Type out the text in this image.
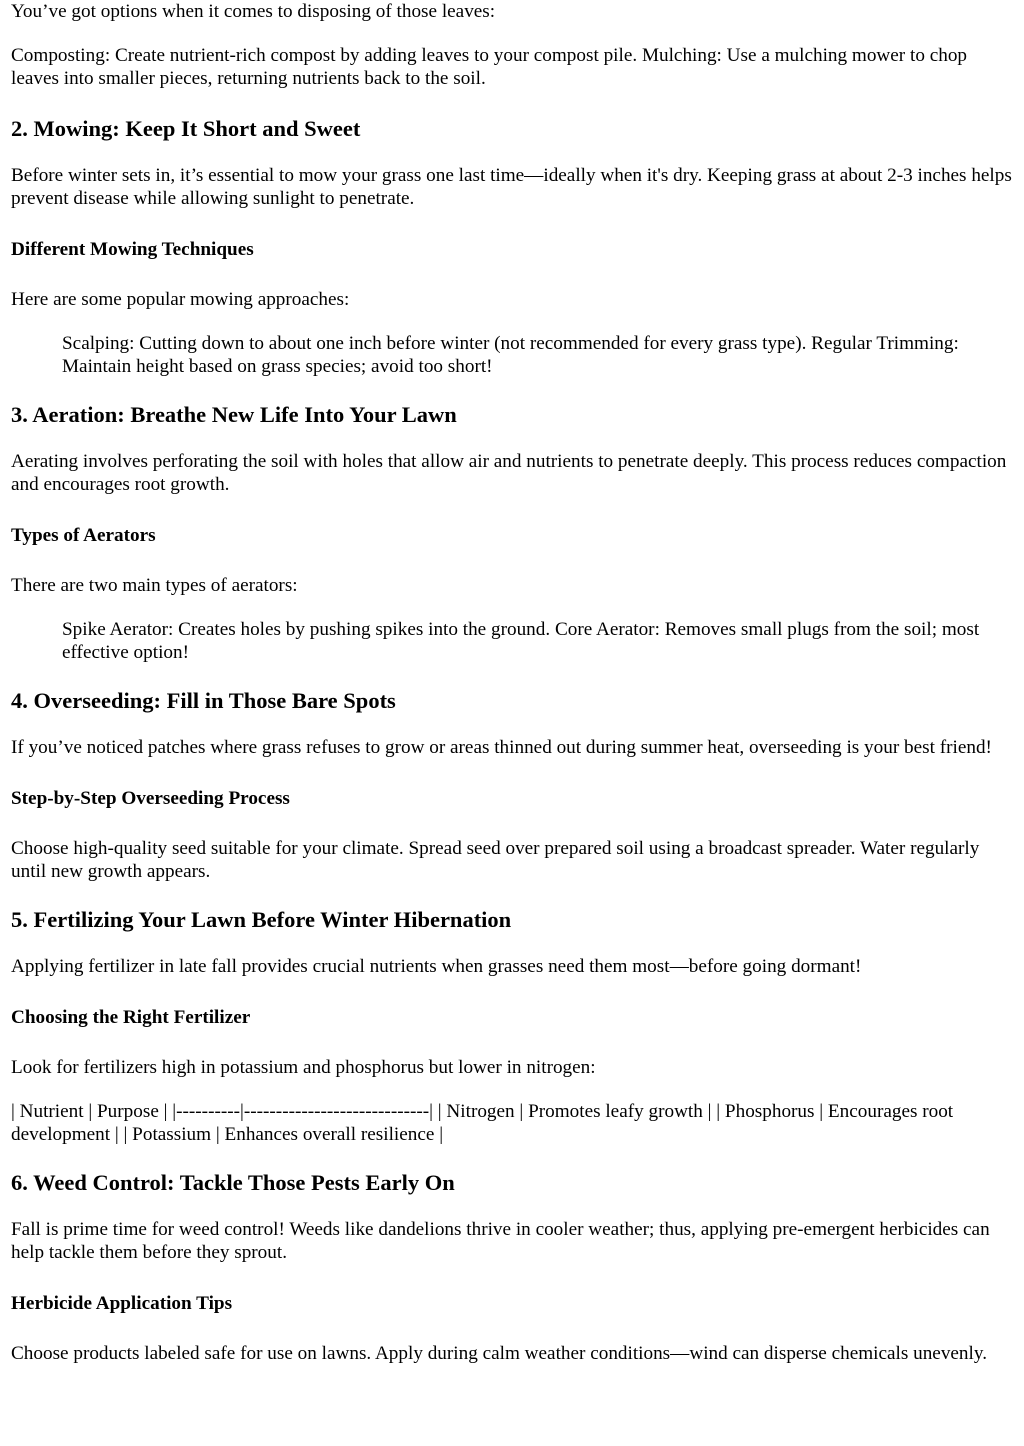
You’ve got options when it comes to disposing of those leaves:

Composting: Create nutrient-rich compost by adding leaves to your compost pile. Mulching: Use a mulching mower to chop leaves into smaller pieces, returning nutrients back to the soil.

2. Mowing: Keep It Short and Sweet

Before winter sets in, it’s essential to mow your grass one last time—ideally when it's dry. Keeping grass at about 2-3 inches helps prevent disease while allowing sunlight to penetrate.

Different Mowing Techniques

Here are some popular mowing approaches:

Scalping: Cutting down to about one inch before winter (not recommended for every grass type). Regular Trimming: Maintain height based on grass species; avoid too short!

3. Aeration: Breathe New Life Into Your Lawn

Aerating involves perforating the soil with holes that allow air and nutrients to penetrate deeply. This process reduces compaction and encourages root growth.

Types of Aerators

There are two main types of aerators:

Spike Aerator: Creates holes by pushing spikes into the ground. Core Aerator: Removes small plugs from the soil; most effective option!

4. Overseeding: Fill in Those Bare Spots

If you’ve noticed patches where grass refuses to grow or areas thinned out during summer heat, overseeding is your best friend!

Step-by-Step Overseeding Process

Choose high-quality seed suitable for your climate. Spread seed over prepared soil using a broadcast spreader. Water regularly until new growth appears.

5. Fertilizing Your Lawn Before Winter Hibernation

Applying fertilizer in late fall provides crucial nutrients when grasses need them most—before going dormant!

Choosing the Right Fertilizer

Look for fertilizers high in potassium and phosphorus but lower in nitrogen:

| Nutrient | Purpose | |----------|-----------------------------| | Nitrogen | Promotes leafy growth | | Phosphorus | Encourages root development | | Potassium | Enhances overall resilience |

6. Weed Control: Tackle Those Pests Early On

Fall is prime time for weed control! Weeds like dandelions thrive in cooler weather; thus, applying pre-emergent herbicides can help tackle them before they sprout.

Herbicide Application Tips

Choose products labeled safe for use on lawns. Apply during calm weather conditions—wind can disperse chemicals unevenly.
